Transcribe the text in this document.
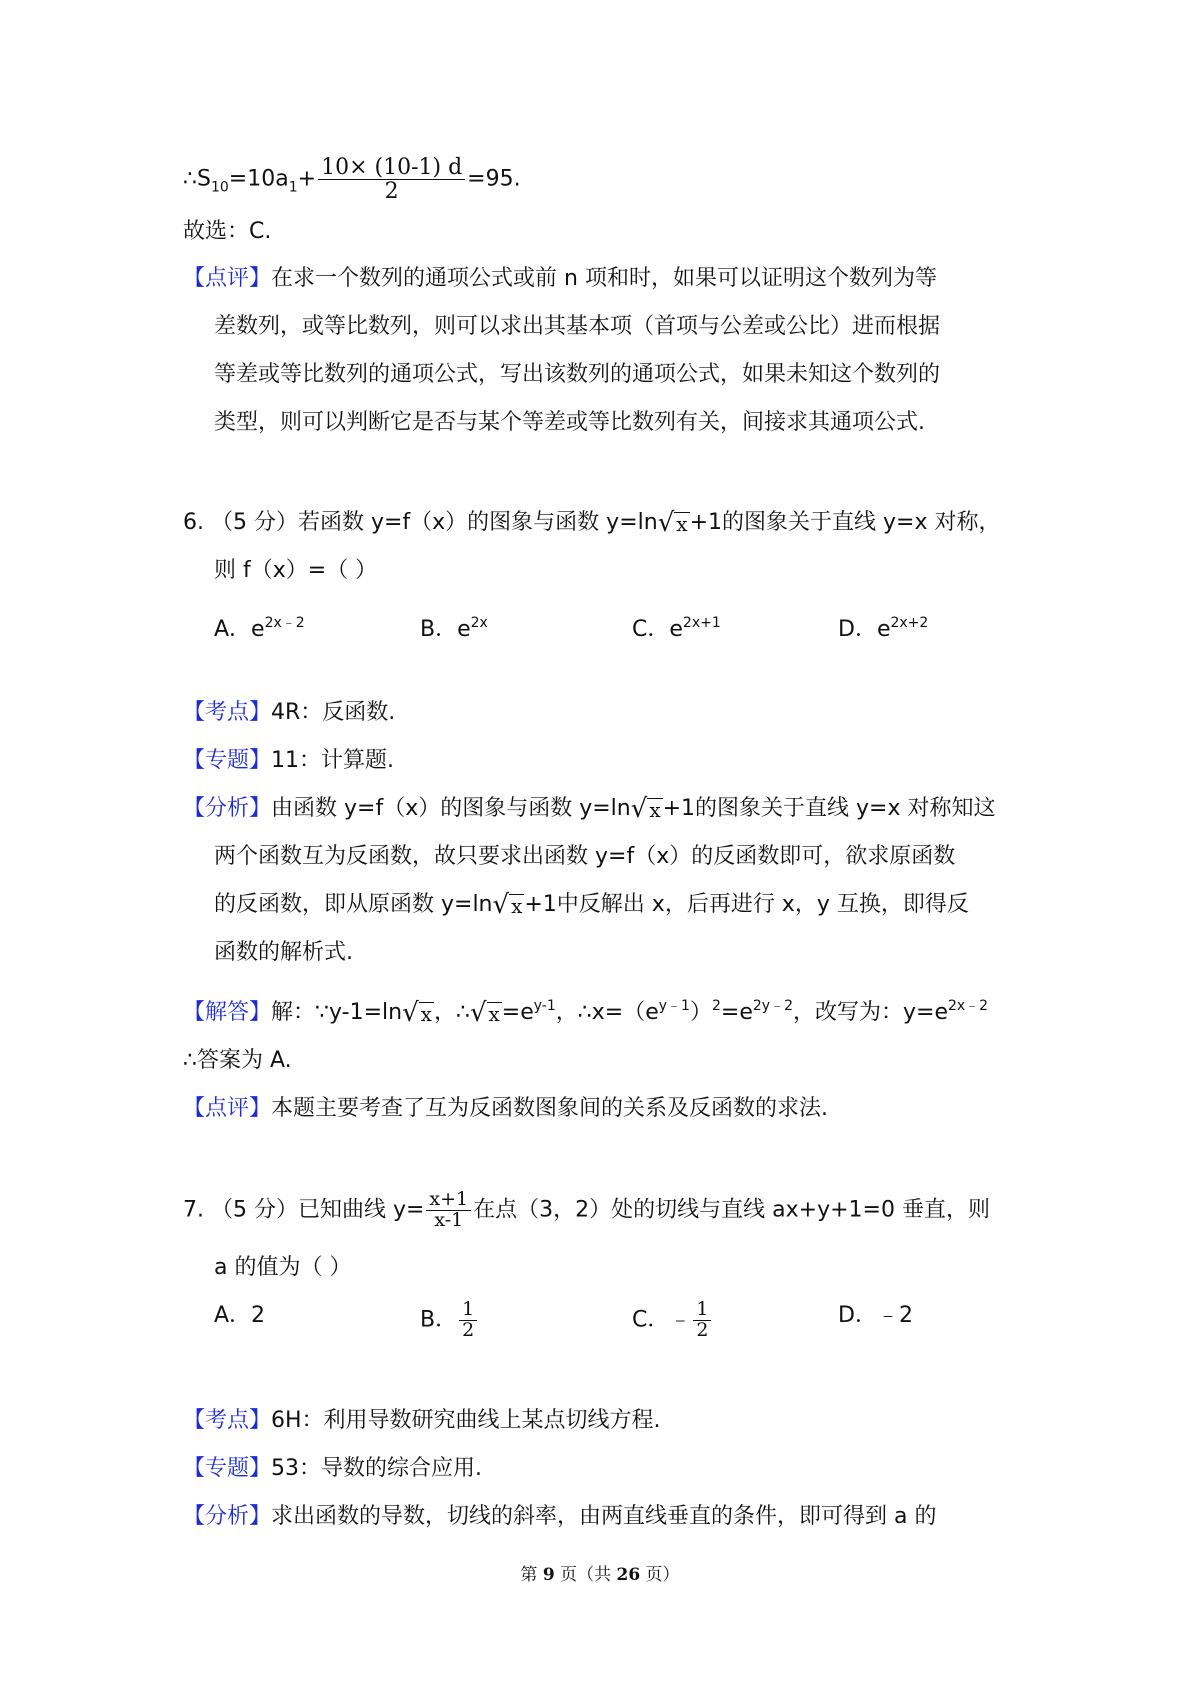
$\therefore S_{10}=10a_1+ \frac{10\times (10-1) d}{2} =95$.
故选：C.
【点评】在求一个数列的通项公式或前 n 项和时，如果可以证明这个数列为等
差数列，或等比数列，则可以求出其基本项（首项与公差或公比）进而根据
等差或等比数列的通项公式，写出该数列的通项公式，如果未知这个数列的
类型，则可以判断它是否与某个等差或等比数列有关，间接求其通项公式.
6. （5 分）若函数 y=f（x）的图象与函数 y=ln √ x +1的图象关于直线 y=x 对称，
则 f（x）=（ ）
A．$e^{2x﹣2}$	B．$e^{2x}$	C．$e^{2x+1}$	D．$e^{2x+2}$
【考点】4R：反函数.
【专题】11：计算题.
【分析】由函数 y=f（x）的图象与函数 y=ln √ x +1的图象关于直线 y=x 对称知这
两个函数互为反函数，故只要求出函数 y=f（x）的反函数即可，欲求原函数
的反函数，即从原函数 y=ln √ x +1中反解出 x，后再进行 x，y 互换，即得反
函数的解析式.
【解答】解：∵y-1=ln √ x ，∴ √ $x =e^{y-1}$，$\therefore x=(e^{y﹣1})^2=e^{2y﹣2}$，改写为：$y=e^{2x﹣2}$
∴答案为 A.
【点评】本题主要考查了互为反函数图象间的关系及反函数的求法.
7. （5 分）已知曲线 $y= \frac{x+1}{x-1}$ 在点（3，2）处的切线与直线 ax+y+1=0 垂直，则
a 的值为（ ）
A．2	B． $\frac{1}{2}$	C．﹣ $\frac{1}{2}$	D．﹣2
【考点】6H：利用导数研究曲线上某点切线方程.
【专题】53：导数的综合应用.
【分析】求出函数的导数，切线的斜率，由两直线垂直的条件，即可得到 a 的
第 9 页（共 26 页）
